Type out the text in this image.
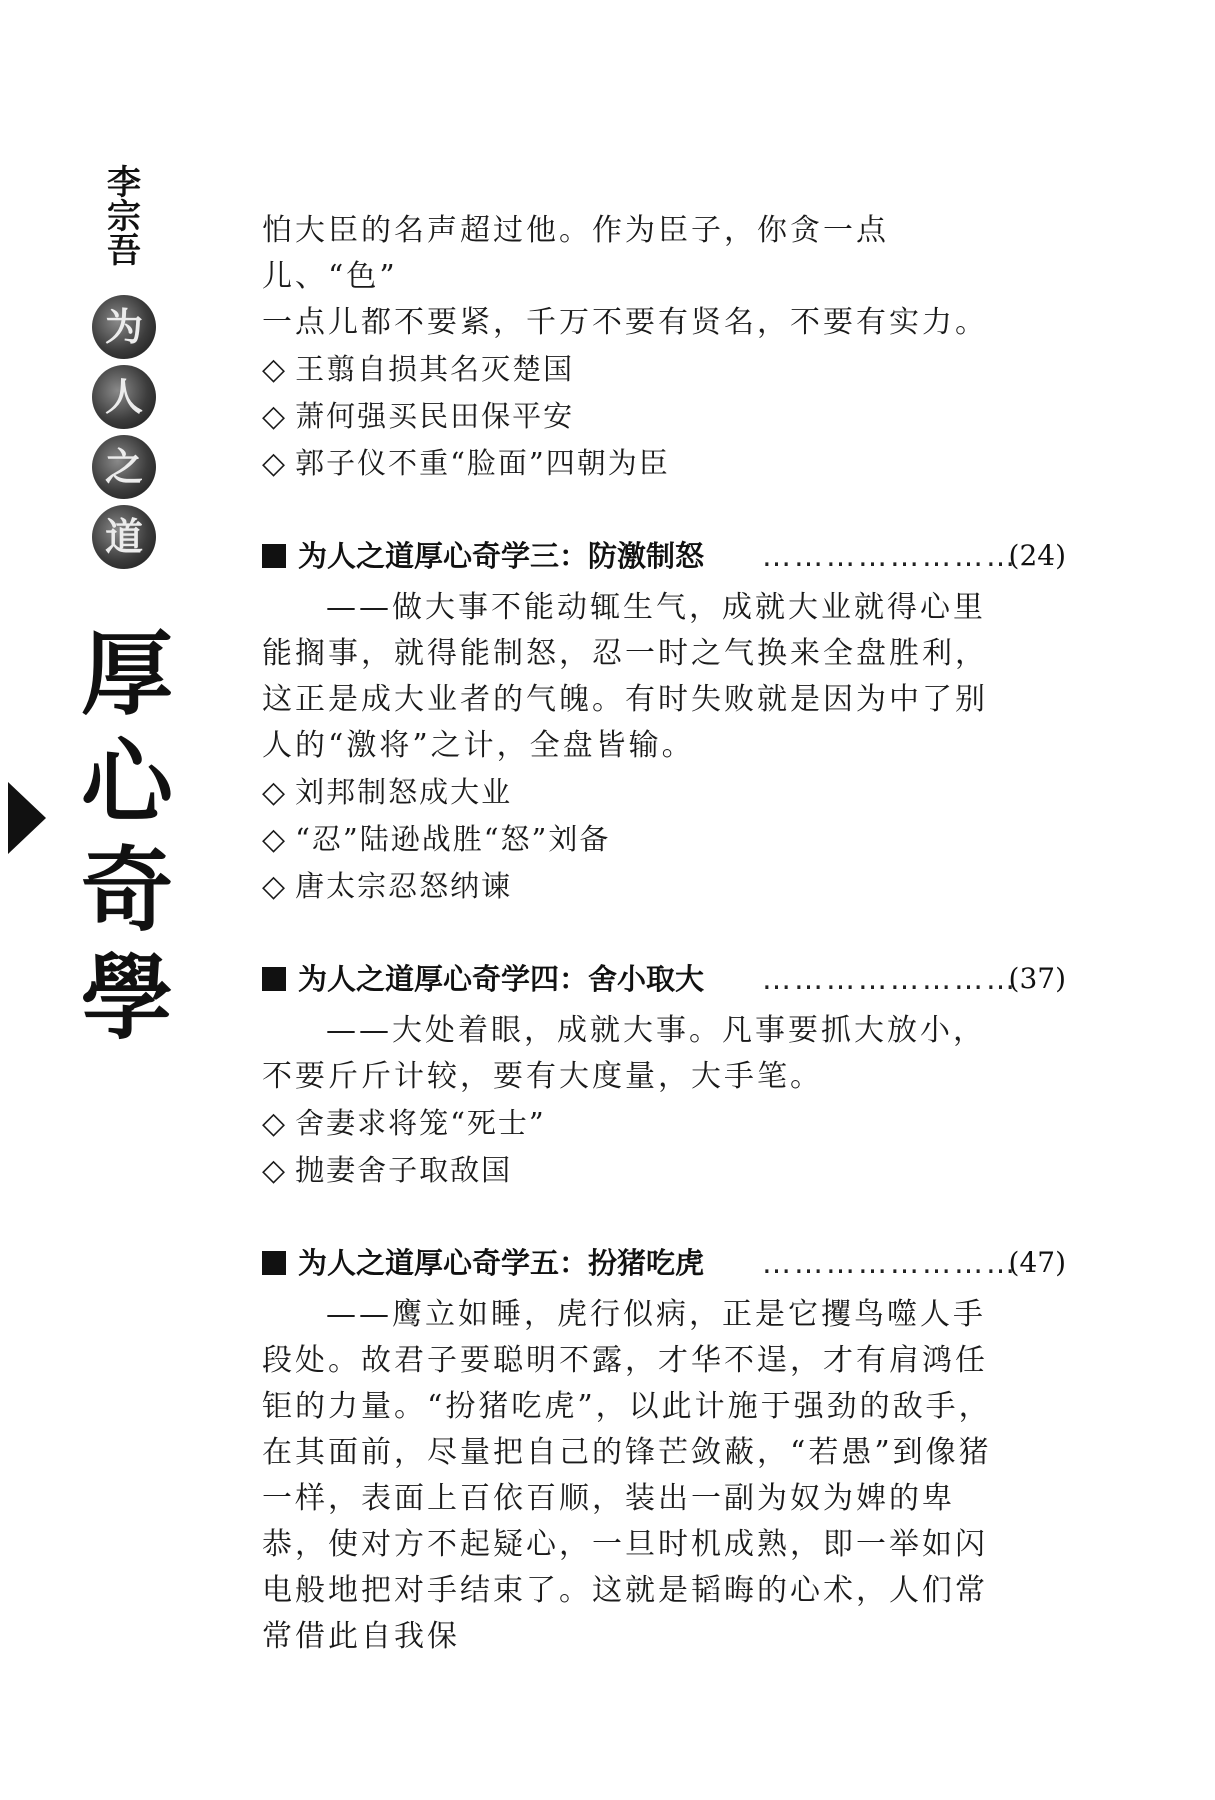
李
宗
吾
为
人
之
道
厚
心
奇
學

怕大臣的名声超过他。作为臣子，你贪一点儿、“色”

一点儿都不要紧，千万不要有贤名，不要有实力。

◇ 王翦自损其名灭楚国

◇ 萧何强买民田保平安

◇ 郭子仪不重“脸面”四朝为臣

为人之道厚心奇学三：防激制怒 ……………………
(24)

——做大事不能动辄生气，成就大业就得心里能搁事，就得能制怒，忍一时之气换来全盘胜利，这正是成大业者的气魄。有时失败就是因为中了别人的“激将”之计，全盘皆输。

◇ 刘邦制怒成大业

◇ “忍”陆逊战胜“怒”刘备

◇ 唐太宗忍怒纳谏

为人之道厚心奇学四：舍小取大 ……………………
(37)

——大处着眼，成就大事。凡事要抓大放小，不要斤斤计较，要有大度量，大手笔。

◇ 舍妻求将笼“死士”

◇ 抛妻舍子取敌国

为人之道厚心奇学五：扮猪吃虎 ……………………
(47)

——鹰立如睡，虎行似病，正是它攫鸟噬人手段处。故君子要聪明不露，才华不逞，才有肩鸿任钜的力量。“扮猪吃虎”，以此计施于强劲的敌手，在其面前，尽量把自己的锋芒敛蔽，“若愚”到像猪一样，表面上百依百顺，装出一副为奴为婢的卑恭，使对方不起疑心，一旦时机成熟，即一举如闪电般地把对手结束了。这就是韬晦的心术，人们常常借此自我保
